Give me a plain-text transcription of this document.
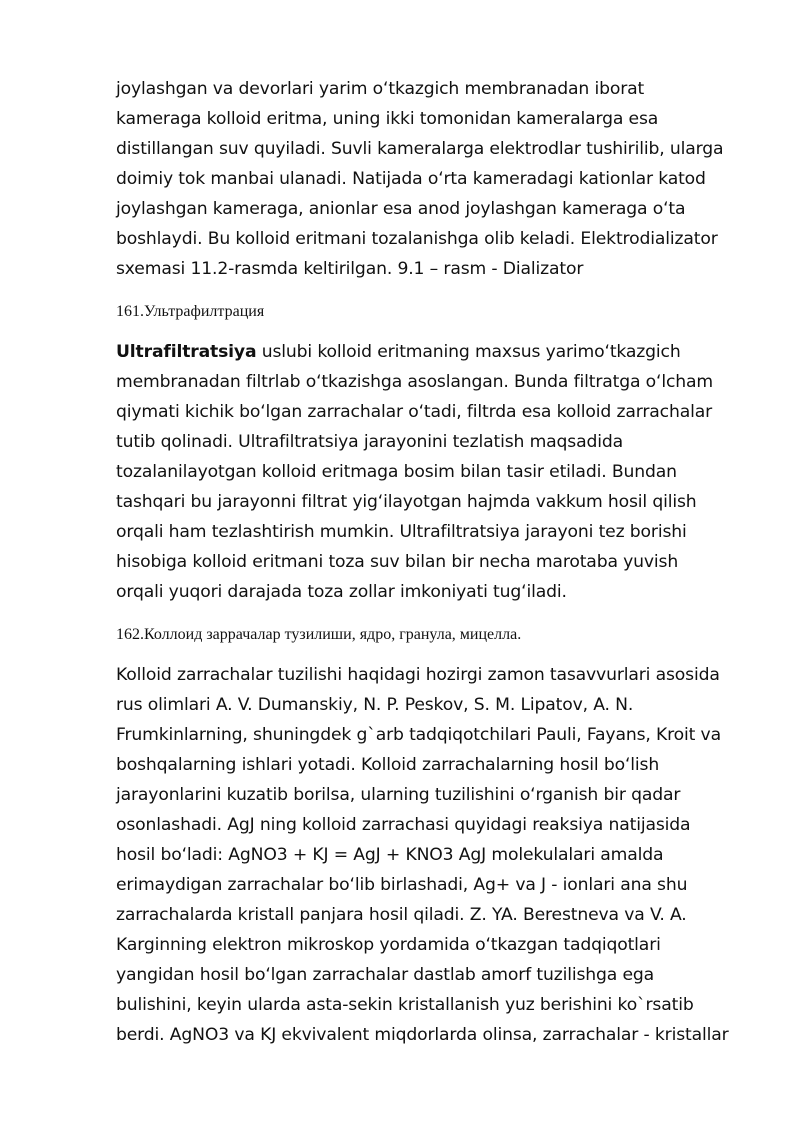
joylashgan va devorlari yarim oʻtkazgich membranadan iborat
kameraga kolloid eritma, uning ikki tomonidan kameralarga esa
distillangan suv quyiladi. Suvli kameralarga elektrodlar tushirilib, ularga
doimiy tok manbai ulanadi. Natijada oʻrta kameradagi kationlar katod
joylashgan kameraga, anionlar esa anod joylashgan kameraga oʻta
boshlaydi. Bu kolloid eritmani tozalanishga olib keladi. Elektrodializator
sxemasi 11.2-rasmda keltirilgan. 9.1 – rasm - Dializator
161.Ультрафилтрация
Ultrafiltratsiya uslubi kolloid eritmaning maxsus yarimoʻtkazgich
membranadan filtrlab oʻtkazishga asoslangan. Bunda filtratga oʻlcham
qiymati kichik boʻlgan zarrachalar oʻtadi, filtrda esa kolloid zarrachalar
tutib qolinadi. Ultrafiltratsiya jarayonini tezlatish maqsadida
tozalanilayotgan kolloid eritmaga bosim bilan tasir etiladi. Bundan
tashqari bu jarayonni filtrat yigʻilayotgan hajmda vakkum hosil qilish
orqali ham tezlashtirish mumkin. Ultrafiltratsiya jarayoni tez borishi
hisobiga kolloid eritmani toza suv bilan bir necha marotaba yuvish
orqali yuqori darajada toza zollar imkoniyati tugʻiladi.
162.Коллоид заррачалар тузилиши, ядро, гранула, мицелла.
Kolloid zarrachalar tuzilishi haqidagi hozirgi zamon tasavvurlari asosida
rus olimlari A. V. Dumanskiy, N. P. Peskov, S. M. Lipatov, A. N.
Frumkinlarning, shuningdek g`arb tadqiqotchilari Pauli, Fayans, Kroit va
boshqalarning ishlari yotadi. Kolloid zarrachalarning hosil boʻlish
jarayonlarini kuzatib borilsa, ularning tuzilishini oʻrganish bir qadar
osonlashadi. AgJ ning kolloid zarrachasi quyidagi reaksiya natijasida
hosil boʻladi: AgNO3 + KJ = AgJ + KNO3 AgJ molekulalari amalda
erimaydigan zarrachalar boʻlib birlashadi, Ag+ va J - ionlari ana shu
zarrachalarda kristall panjara hosil qiladi. Z. YA. Berestneva va V. A.
Karginning elektron mikroskop yordamida oʻtkazgan tadqiqotlari
yangidan hosil boʻlgan zarrachalar dastlab amorf tuzilishga ega
bulishini, keyin ularda asta-sekin kristallanish yuz berishini ko`rsatib
berdi. AgNO3 va KJ ekvivalent miqdorlarda olinsa, zarrachalar - kristallar
